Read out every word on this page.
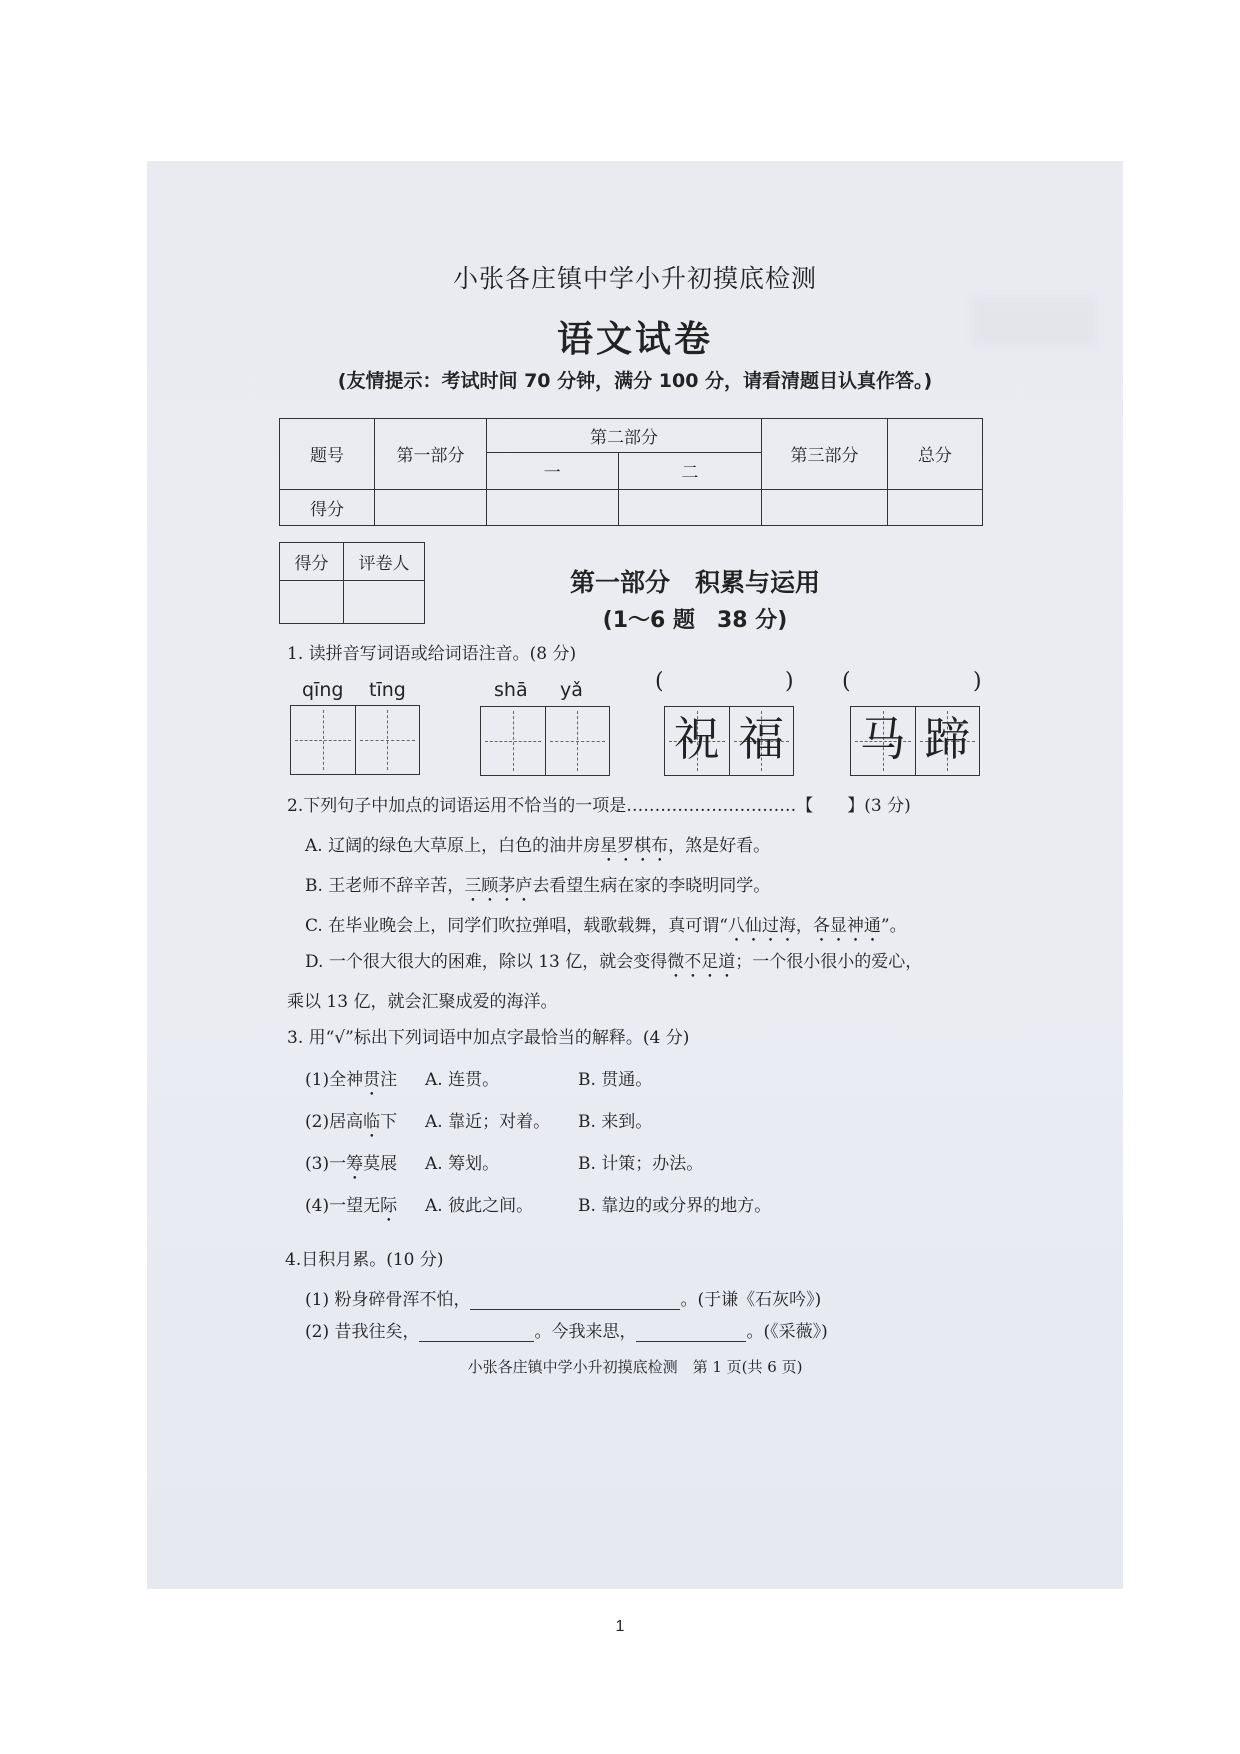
小张各庄镇中学小升初摸底检测
语文试卷
(友情提示：考试时间 70 分钟，满分 100 分，请看清题目认真作答。)
题号	第一部分	第二部分		第三部分	总分
		一	二		
得分					
得分	评卷人

第一部分　积累与运用
(1～6 题　38 分)
1. 读拼音写词语或给词语注音。(8 分)
qīng tīng	shā yǎ	(	)
祝 福
(	)
马 蹄
2.下列句子中加点的词语运用不恰当的一项是…………………………【　　】(3 分)
A. 辽阔的绿色大草原上，白色的油井房星罗棋布，煞是好看。
B. 王老师不辞辛苦，三顾茅庐去看望生病在家的李晓明同学。
C. 在毕业晚会上，同学们吹拉弹唱，载歌载舞，真可谓“八仙过海，各显神通”。
D. 一个很大很大的困难，除以 13 亿，就会变得微不足道；一个很小很小的爱心，
乘以 13 亿，就会汇聚成爱的海洋。
3. 用“√”标出下列词语中加点字最恰当的解释。(4 分)
(1)全神贯注 A. 连贯。	B. 贯通。
(2)居高临下 A. 靠近；对着。 B. 来到。
(3)一筹莫展 A. 筹划。	B. 计策；办法。
(4)一望无际 A. 彼此之间。	B. 靠边的或分界的地方。
4.日积月累。(10 分)
(1) 粉身碎骨浑不怕，	。(于谦《石灰吟》)
(2) 昔我往矣，	。今我来思，	。(《采薇》)
小张各庄镇中学小升初摸底检测　第 1 页(共 6 页)
1
